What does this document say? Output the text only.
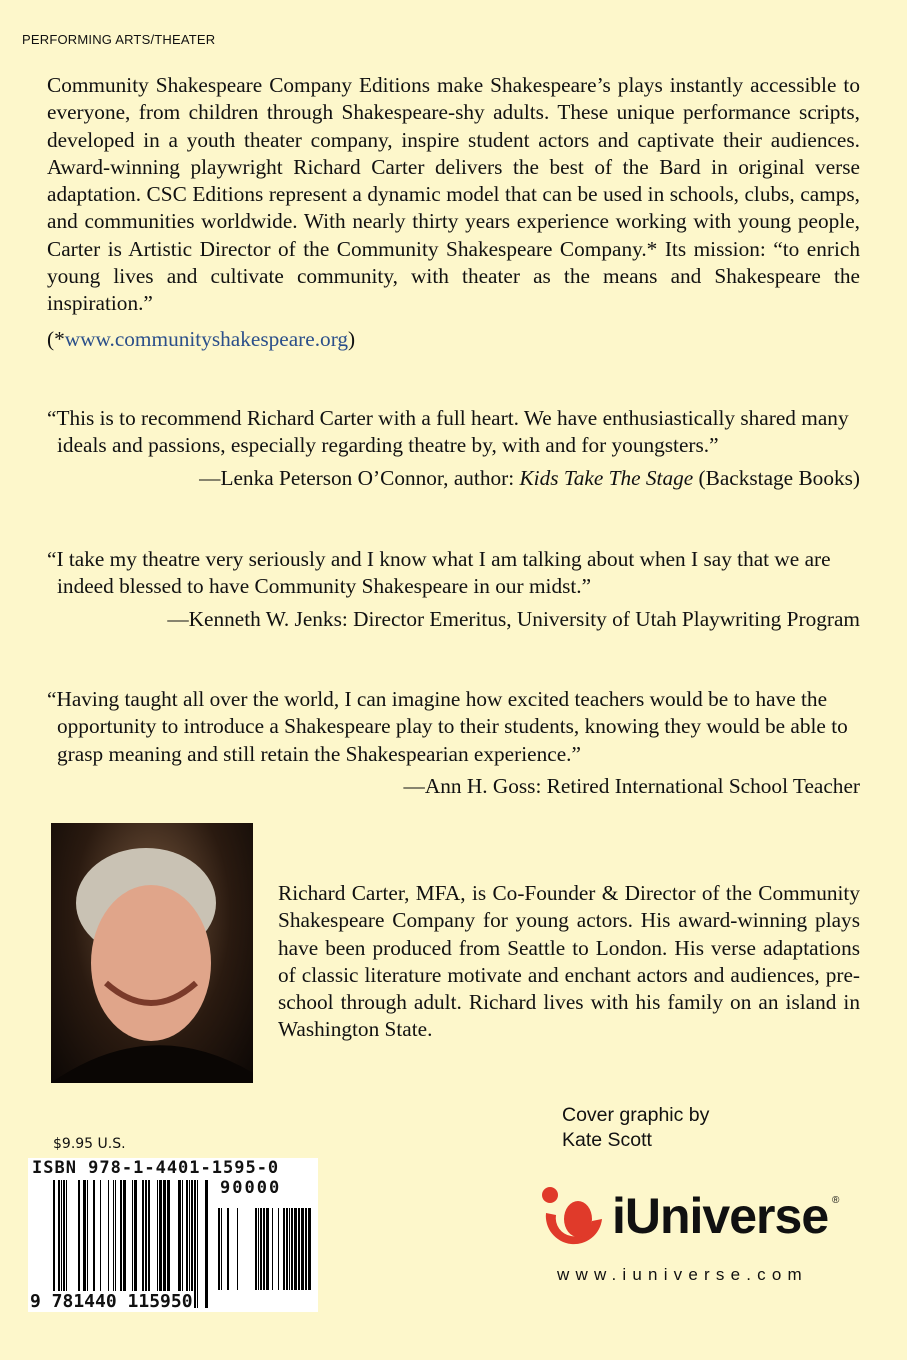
PERFORMING ARTS/THEATER

Community Shakespeare Company Editions make Shakespeare’s plays instantly accessible to everyone, from children through Shakespeare-shy adults. These unique performance scripts, developed in a youth theater company, inspire student actors and captivate their audiences. Award-winning playwright Richard Carter delivers the best of the Bard in original verse adaptation. CSC Editions represent a dynamic model that can be used in schools, clubs, camps, and communities worldwide. With nearly thirty years experience working with young people, Carter is Artistic Director of the Community Shakespeare Company.* Its mission: “to enrich young lives and cultivate community, with theater as the means and Shakespeare the inspiration.”

(*www.communityshakespeare.org)

“This is to recommend Richard Carter with a full heart. We have enthusiastically shared many ideals and passions, especially regarding theatre by, with and for youngsters.”

—Lenka Peterson O’Connor, author: Kids Take The Stage (Backstage Books)

“I take my theatre very seriously and I know what I am talking about when I say that we are indeed blessed to have Community Shakespeare in our midst.”

—Kenneth W. Jenks: Director Emeritus, University of Utah Playwriting Program

“Having taught all over the world, I can imagine how excited teachers would be to have the opportunity to introduce a Shakespeare play to their students, knowing they would be able to grasp meaning and still retain the Shakespearian experience.”

—Ann H. Goss: Retired International School Teacher

Richard Carter, MFA, is Co-Founder & Director of the Community Shakespeare Company for young actors. His award-winning plays have been produced from Seattle to London. His verse adaptations of classic literature motivate and enchant actors and audiences, pre-school through adult. Richard lives with his family on an island in Washington State.

Cover graphic by
Kate Scott
$9.95 U.S.
ISBN 978-1-4401-1595-0
90000
9 781440 115950
iUniverse ®
www.iuniverse.com
